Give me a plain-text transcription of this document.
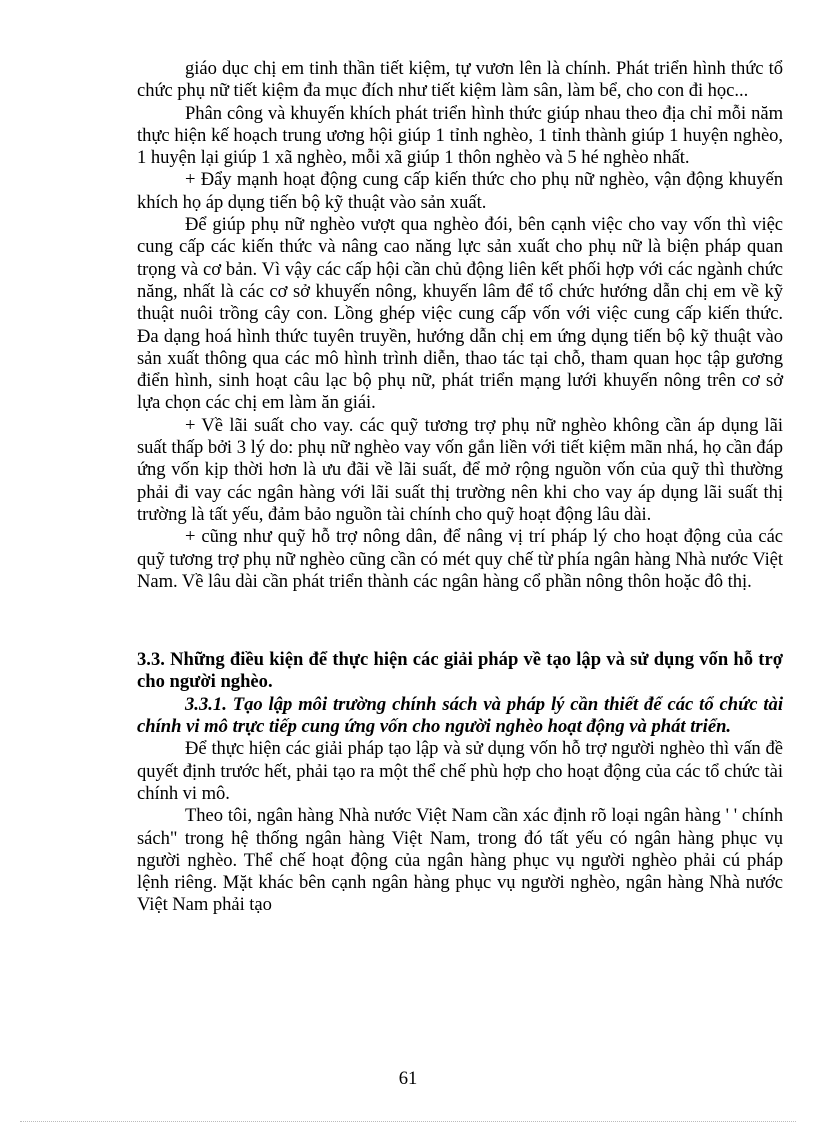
giáo dục chị em tinh thần tiết kiệm, tự vươn lên là chính. Phát triển hình thức tổ chức phụ nữ tiết kiệm đa mục đích như tiết kiệm làm sân, làm bể, cho con đi học...

Phân công và khuyến khích phát triển hình thức giúp nhau theo địa chỉ mỗi năm thực hiện kế hoạch trung ương hội giúp 1 tỉnh nghèo, 1 tỉnh thành giúp 1 huyện nghèo, 1 huyện lại giúp 1 xã nghèo, mỗi xã giúp 1 thôn nghèo và 5 hé nghèo nhất.

+ Đẩy mạnh hoạt động cung cấp kiến thức cho phụ nữ nghèo, vận động khuyến khích họ áp dụng tiến bộ kỹ thuật vào sản xuất.

Để giúp phụ nữ nghèo vượt qua nghèo đói, bên cạnh việc cho vay vốn thì việc cung cấp các kiến thức và nâng cao năng lực sản xuất cho phụ nữ là biện pháp quan trọng và cơ bản. Vì vậy các cấp hội cần chủ động liên kết phối hợp với các ngành chức năng, nhất là các cơ sở khuyến nông, khuyến lâm để tổ chức hướng dẫn chị em về kỹ thuật nuôi trồng cây con. Lồng ghép việc cung cấp vốn với việc cung cấp kiến thức. Đa dạng hoá hình thức tuyên truyền, hướng dẫn chị em ứng dụng tiến bộ kỹ thuật vào sản xuất thông qua các mô hình trình diễn, thao tác tại chỗ, tham quan học tập gương điển hình, sinh hoạt câu lạc bộ phụ nữ, phát triển mạng lưới khuyến nông trên cơ sở lựa chọn các chị em làm ăn giái.

+ Về lãi suất cho vay. các quỹ tương trợ phụ nữ nghèo không cần áp dụng lãi suất thấp bởi 3 lý do: phụ nữ nghèo vay vốn gắn liền với tiết kiệm mãn nhá, họ cần đáp ứng vốn kịp thời hơn là ưu đãi về lãi suất, để mở rộng nguồn vốn của quỹ thì thường phải đi vay các ngân hàng với lãi suất thị trường nên khi cho vay áp dụng lãi suất thị trường là tất yếu, đảm bảo nguồn tài chính cho quỹ hoạt động lâu dài.

+ cũng như quỹ hỗ trợ nông dân, để nâng vị trí pháp lý cho hoạt động của các quỹ tương trợ phụ nữ nghèo cũng cần có mét quy chế từ phía ngân hàng Nhà nước Việt Nam. Về lâu dài cần phát triển thành các ngân hàng cổ phần nông thôn hoặc đô thị.

3.3. Những điều kiện để thực hiện các giải pháp về tạo lập và sử dụng vốn hỗ trợ cho người nghèo.

3.3.1. Tạo lập môi trường chính sách và pháp lý cần thiết để các tổ chức tài chính vi mô trực tiếp cung ứng vốn cho người nghèo hoạt động và phát triển.

Để thực hiện các giải pháp tạo lập và sử dụng vốn hỗ trợ người nghèo thì vấn đề quyết định trước hết, phải tạo ra một thể chế phù hợp cho hoạt động của các tổ chức tài chính vi mô.

Theo tôi, ngân hàng Nhà nước Việt Nam cần xác định rõ loại ngân hàng ' ' chính sách" trong hệ thống ngân hàng Việt Nam, trong đó tất yếu có ngân hàng phục vụ người nghèo. Thể chế hoạt động của ngân hàng phục vụ người nghèo phải cú pháp lệnh riêng. Mặt khác bên cạnh ngân hàng phục vụ người nghèo, ngân hàng Nhà nước Việt Nam phải tạo

61
